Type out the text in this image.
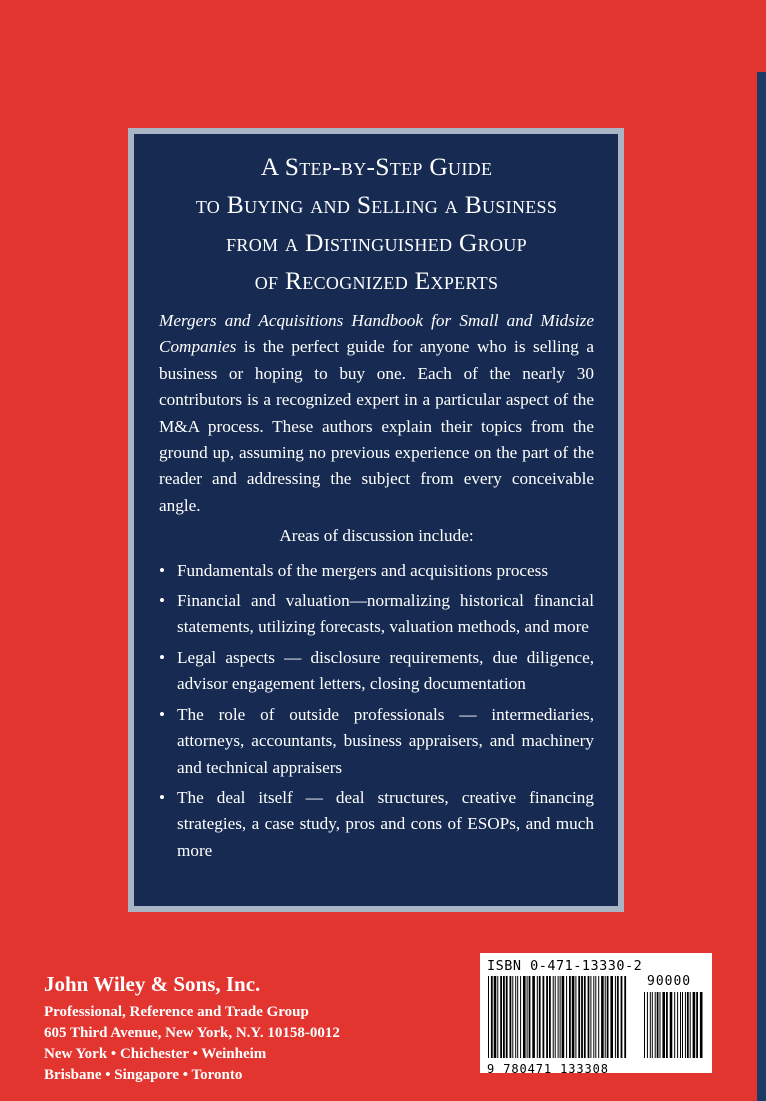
A Step-by-Step Guide
to Buying and Selling a Business
from a Distinguished Group
of Recognized Experts

Mergers and Acquisitions Handbook for Small and Midsize Companies is the perfect guide for anyone who is selling a business or hoping to buy one. Each of the nearly 30 contributors is a recognized expert in a particular aspect of the M&A process. These authors explain their topics from the ground up, assuming no previous experience on the part of the reader and addressing the subject from every conceivable angle.

Areas of discussion include:
• Fundamentals of the mergers and acquisitions process
• Financial and valuation—normalizing historical financial statements, utilizing forecasts, valuation methods, and more
• Legal aspects — disclosure requirements, due diligence, advisor engagement letters, closing documentation
• The role of outside professionals — intermediaries, attorneys, accountants, business appraisers, and machinery and technical appraisers
• The deal itself — deal structures, creative financing strategies, a case study, pros and cons of ESOPs, and much more
John Wiley & Sons, Inc.
Professional, Reference and Trade Group
605 Third Avenue, New York, N.Y. 10158-0012
New York • Chichester • Weinheim
Brisbane • Singapore • Toronto
ISBN 0-471-13330-2
90000
9 780471 133308
